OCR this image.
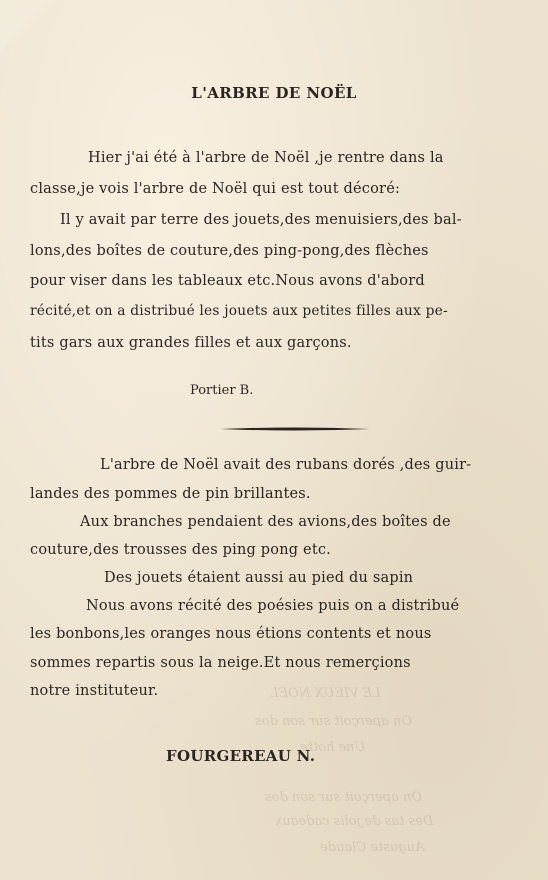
LE VIEUX NOEL
On aperçoit sur son dos
Une hotte
On aperçoit sur son dos
Des tas de jolis cadeaux
Auguste Claude
L'ARBRE DE NOËL
Hier j'ai été à l'arbre de Noël ,je rentre dans la
classe,je vois l'arbre de Noël qui est tout décoré:
Il y avait par terre des jouets,des menuisiers,des bal-
lons,des boîtes de couture,des ping-pong,des flèches
pour viser dans les tableaux etc.Nous avons d'abord
récité,et on a distribué les jouets aux petites filles aux pe-
tits gars aux grandes filles et aux garçons.
Portier B.
L'arbre de Noël avait des rubans dorés ,des guir-
landes des pommes de pin brillantes.
Aux branches pendaient des avions,des boîtes de
couture,des trousses des ping pong etc.
Des jouets étaient aussi au pied du sapin
Nous avons récité des poésies puis on a distribué
les bonbons,les oranges nous étions contents et nous
sommes repartis sous la neige.Et nous remerçions
notre instituteur.
FOURGEREAU N.
